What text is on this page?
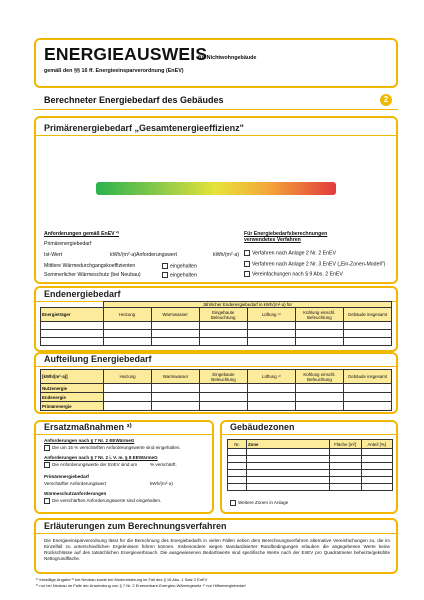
ENERGIEAUSWEIS
für Nichtwohngebäude
gemäß den §§ 16 ff. Energieeinsparverordnung (EnEV)
Berechneter Energiebedarf des Gebäudes	2
Primärenergiebedarf „Gesamtenergieeffizienz"
Anforderungen gemäß EnEV ²⁾
Primärenergiebedarf
Ist-Wert	kWh/(m²·a) Anforderungswert	kWh/(m²·a)
Mittlere Wärmedurchgangskoeffizienten	eingehalten
Sommerlicher Wärmeschutz (bei Neubau)	eingehalten
Für Energiebedarfsberechnungen
verwendetes Verfahren
Verfahren nach Anlage 2 Nr. 2 EnEV
Verfahren nach Anlage 2 Nr. 3 EnEV („Ein-Zonen-Modell")
Vereinfachungen nach § 9 Abs. 2 EnEV
Endenergiebedarf
	Jährlicher Endenergiebedarf in kWh/(m²·a) für					
Energieträger	Heizung	Warmwasser	Eingebaute Beleuchtung	Lüftung ⁴⁾	Kühlung einschl. Befeuchtung	Gebäude insgesamt

Aufteilung Energiebedarf
[kWh/(m²·a)]	Heizung	Warmwasser	Eingebaute Beleuchtung	Lüftung ⁴⁾	Kühlung einschl. Befeuchtung	Gebäude insgesamt
Nutzenergie						
Endenergie						
Primärenergie						
Ersatzmaßnahmen ³⁾
Anforderungen nach § 7 Nr. 2 EEWärmeG
Die um 15 % verschärften Anforderungswerte sind eingehalten.
Anforderungen nach § 7 Nr. 2 i. V. m. § 8 EEWärmeG
Die Anforderungswerte der EnEV sind um	% verschärft.
Primärenergiebedarf
Verschärfter Anforderungswert	kWh/(m²·a)
Wärmeschutzanforderungen
Die verschärften Anforderungswerte sind eingehalten.
Gebäudezonen
Nr.	Zone	Fläche [m²]	Anteil [%]

Weitere Zonen in Anlage
Erläuterungen zum Berechnungsverfahren
Die Energieeinsparverordnung lässt für die Berechnung des Energiebedarfs in vielen Fällen neben dem Berechnungsverfahren alternative Vereinfachungen zu, die im Einzelfall zu unterschiedlichen Ergebnissen führen können. Insbesondere wegen standardisierter Randbedingungen erlauben die angegebenen Werte keine Rückschlüsse auf den tatsächlichen Energieverbrauch. Die ausgewiesenen Bedarfswerte sind spezifische Werte nach der EnEV pro Quadratmeter beheizte/gekühlte Nettogrundfläche.
¹⁾ freiwillige Angabe ²⁾ bei Neubau sowie bei Modernisierung im Fall des § 16 Abs. 1 Satz 2 EnEV
³⁾ nur bei Neubau im Falle der Anwendung von § 7 Nr. 2 Erneuerbare-Energien-Wärmegesetz ⁴⁾ nur Hilfsenergiebedarf
